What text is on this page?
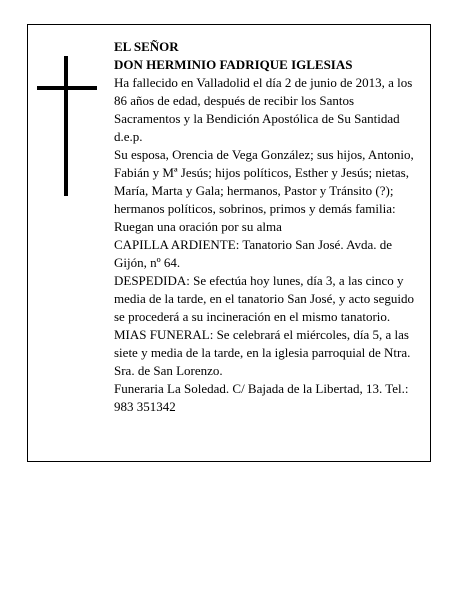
EL SEÑOR

DON HERMINIO FADRIQUE IGLESIAS

Ha fallecido en Valladolid el día 2 de junio de 2013, a los 86 años de edad, después de recibir los Santos Sacramentos y la Bendición Apostólica de Su Santidad d.e.p.

Su esposa, Orencia de Vega González; sus hijos, Antonio, Fabián y Mª Jesús; hijos políticos, Esther y Jesús; nietas, María, Marta y Gala; hermanos, Pastor y Tránsito (?); hermanos políticos, sobrinos, primos y demás familia:

Ruegan una oración por su alma

CAPILLA ARDIENTE: Tanatorio San José. Avda. de Gijón, nº 64.

DESPEDIDA: Se efectúa hoy lunes, día 3, a las cinco y media de la tarde, en el tanatorio San José, y acto seguido se procederá a su incineración en el mismo tanatorio. MIAS FUNERAL: Se celebrará el miércoles, día 5, a las siete y media de la tarde, en la iglesia parroquial de Ntra. Sra. de San Lorenzo.

Funeraria La Soledad. C/ Bajada de la Libertad, 13. Tel.: 983 351342
